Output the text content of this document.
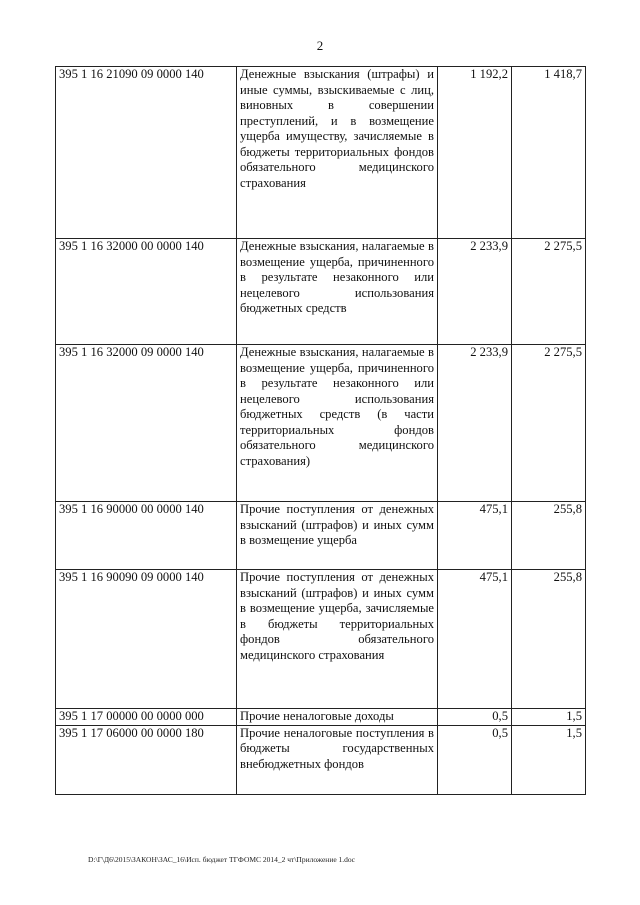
2
395 1 16 21090 09 0000 140	Денежные взыскания (штрафы) и иные суммы, взыскиваемые с лиц, виновных в совершении преступлений, и в возмещение ущерба имуществу, зачисляемые в бюджеты территориальных фондов обязательного медицинского страхования	1 192,2	1 418,7
395 1 16 32000 00 0000 140	Денежные взыскания, налагаемые в возмещение ущерба, причиненного в результате незаконного или нецелевого использования бюджетных средств	2 233,9	2 275,5
395 1 16 32000 09 0000 140	Денежные взыскания, налагаемые в возмещение ущерба, причиненного в результате незаконного или нецелевого использования бюджетных средств (в части территориальных фондов обязательного медицинского страхования)	2 233,9	2 275,5
395 1 16 90000 00 0000 140	Прочие поступления от денежных взысканий (штрафов) и иных сумм в возмещение ущерба	475,1	255,8
395 1 16 90090 09 0000 140	Прочие поступления от денежных взысканий (штрафов) и иных сумм в возмещение ущерба, зачисляемые в бюджеты территориальных фондов обязательного медицинского страхования	475,1	255,8
395 1 17 00000 00 0000 000	Прочие неналоговые доходы	0,5	1,5
395 1 17 06000 00 0000 180	Прочие неналоговые поступления в бюджеты государственных внебюджетных фондов	0,5	1,5
D:\Г\Д6\2015\ЗАКОН\ЗАС_16\Исп. бюджет ТГФОМС 2014_2 чт\Приложение 1.doc
